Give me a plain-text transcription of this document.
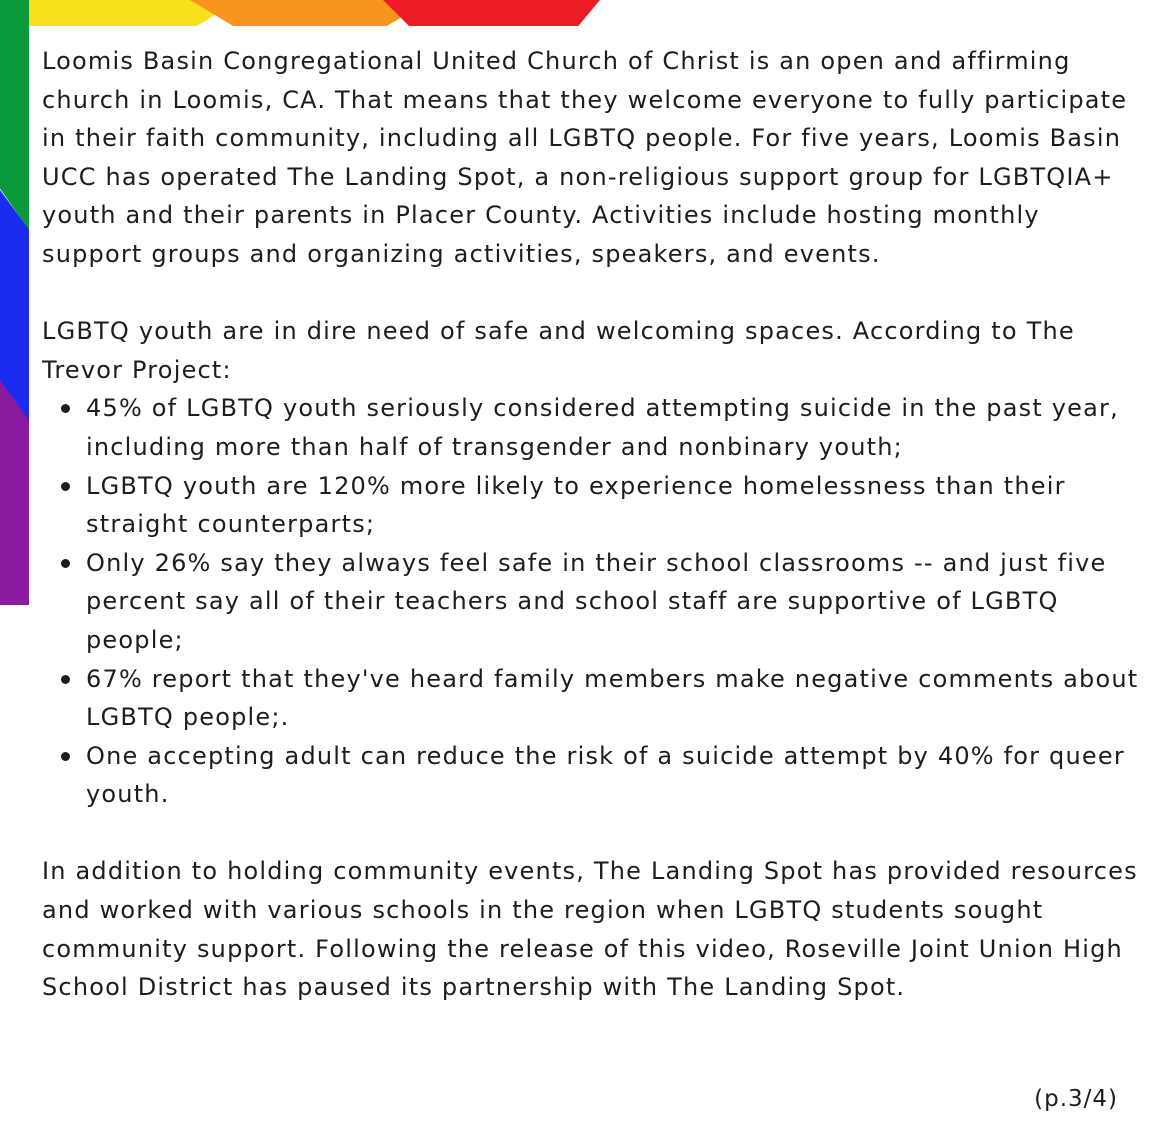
Loomis Basin Congregational United Church of Christ is an open and affirming church in Loomis, CA. That means that they welcome everyone to fully participate in their faith community, including all LGBTQ people. For five years, Loomis Basin UCC has operated The Landing Spot, a non-religious support group for LGBTQIA+ youth and their parents in Placer County. Activities include hosting monthly support groups and organizing activities, speakers, and events.

LGBTQ youth are in dire need of safe and welcoming spaces. According to The Trevor Project:

45% of LGBTQ youth seriously considered attempting suicide in the past year, including more than half of transgender and nonbinary youth;
LGBTQ youth are 120% more likely to experience homelessness than their straight counterparts;
Only 26% say they always feel safe in their school classrooms -- and just five percent say all of their teachers and school staff are supportive of LGBTQ people;
67% report that they've heard family members make negative comments about LGBTQ people;.
One accepting adult can reduce the risk of a suicide attempt by 40% for queer youth.

In addition to holding community events, The Landing Spot has provided resources and worked with various schools in the region when LGBTQ students sought community support. Following the release of this video, Roseville Joint Union High School District has paused its partnership with The Landing Spot.

(p.3/4)
